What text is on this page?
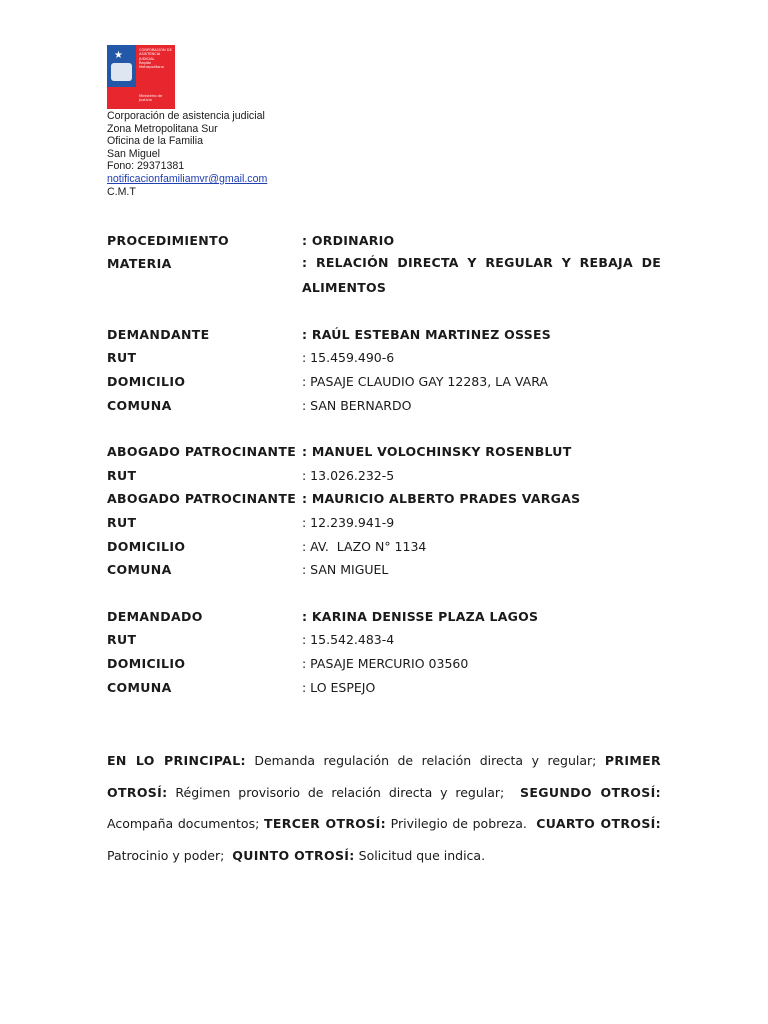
★	CORPORACIÓN DE
ASISTENCIA
JUDICIAL
Región Metropolitana
Ministerio de
Justicia
Corporación de asistencia judicial
Zona Metropolitana Sur
Oficina de la Familia
San Miguel
Fono: 29371381
notificacionfamiliamvr@gmail.com
C.M.T
PROCEDIMIENTO	: ORDINARIO
MATERIA	: RELACIÓN DIRECTA Y REGULAR Y REBAJA DE
ALIMENTOS
DEMANDANTE	: RAÚL ESTEBAN MARTINEZ OSSES
RUT	: 15.459.490-6
DOMICILIO	: PASAJE CLAUDIO GAY 12283, LA VARA
COMUNA	: SAN BERNARDO
ABOGADO PATROCINANTE : MANUEL VOLOCHINSKY ROSENBLUT
RUT	: 13.026.232-5
ABOGADO PATROCINANTE : MAURICIO ALBERTO PRADES VARGAS
RUT	: 12.239.941-9
DOMICILIO	: AV.  LAZO N° 1134
COMUNA	: SAN MIGUEL
DEMANDADO	: KARINA DENISSE PLAZA LAGOS
RUT	: 15.542.483-4
DOMICILIO	: PASAJE MERCURIO 03560
COMUNA	: LO ESPEJO
EN LO PRINCIPAL: Demanda regulación de relación directa y regular; PRIMER OTROSÍ: Régimen provisorio de relación directa y regular;  SEGUNDO OTROSÍ: Acompaña documentos; TERCER OTROSÍ: Privilegio de pobreza.  CUARTO OTROSÍ: Patrocinio y poder;  QUINTO OTROSÍ: Solicitud que indica.
